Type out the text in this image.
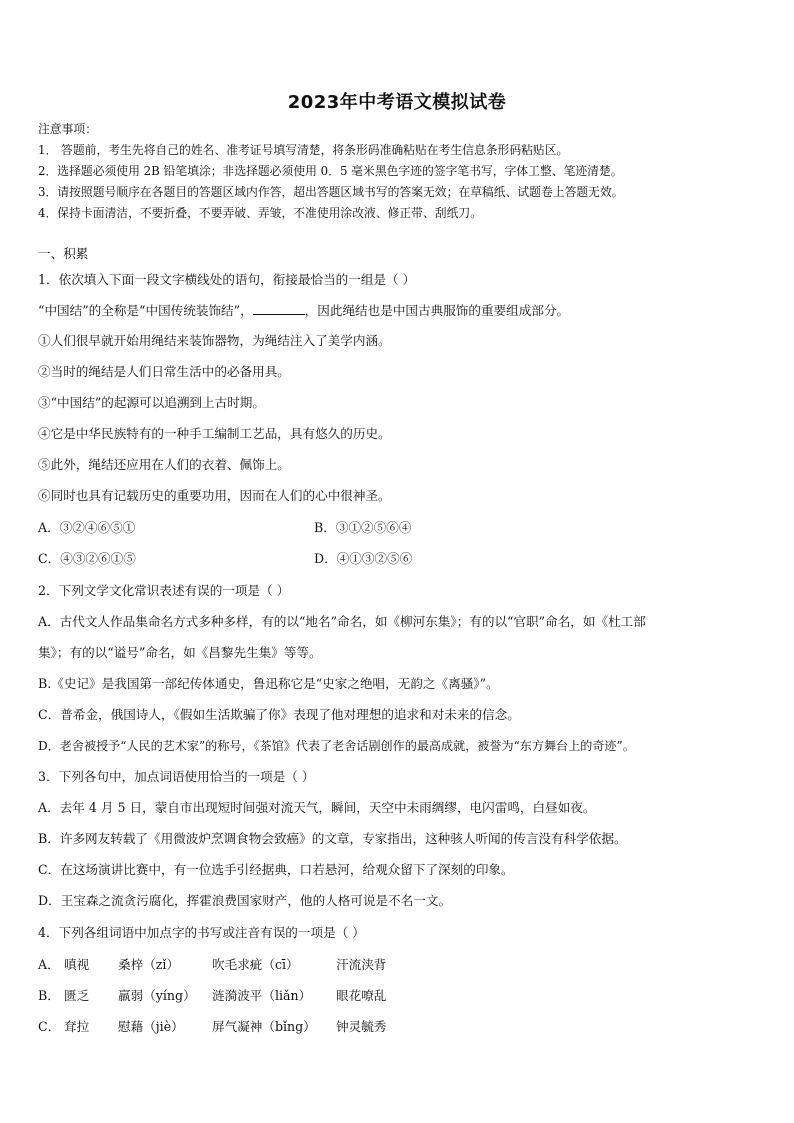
2023年中考语文模拟试卷
注意事项：
1． 答题前，考生先将自己的姓名、准考证号填写清楚，将条形码准确粘贴在考生信息条形码粘贴区。
2．选择题必须使用 2B 铅笔填涂；非选择题必须使用 0．5 毫米黑色字迹的签字笔书写，字体工整、笔迹清楚。
3．请按照题号顺序在各题目的答题区域内作答，超出答题区域书写的答案无效；在草稿纸、试题卷上答题无效。
4．保持卡面清洁，不要折叠，不要弄破、弄皱，不准使用涂改液、修正带、刮纸刀。
一、积累
1．依次填入下面一段文字横线处的语句，衔接最恰当的一组是（ ）
“中国结”的全称是“中国传统装饰结”，	，因此绳结也是中国古典服饰的重要组成部分。
①人们很早就开始用绳结来装饰器物，为绳结注入了美学内涵。
②当时的绳结是人们日常生活中的必备用具。
③“中国结”的起源可以追溯到上古时期。
④它是中华民族特有的一种手工编制工艺品，具有悠久的历史。
⑤此外，绳结还应用在人们的衣着、佩饰上。
⑥同时也具有记载历史的重要功用，因而在人们的心中很神圣。
A．③②④⑥⑤①	B．③①②⑤⑥④
C．④③②⑥①⑤	D．④①③②⑤⑥
2．下列文学文化常识表述有误的一项是（ ）
A．古代文人作品集命名方式多种多样，有的以“地名”命名，如《柳河东集》；有的以“官职”命名，如《杜工部
集》；有的以“谥号”命名，如《昌黎先生集》等等。
B.《史记》是我国第一部纪传体通史，鲁迅称它是“史家之绝唱，无韵之《离骚》”。
C．普希金，俄国诗人，《假如生活欺骗了你》表现了他对理想的追求和对未来的信念。
D．老舍被授予“人民的艺术家”的称号，《茶馆》代表了老舍话剧创作的最高成就，被誉为“东方舞台上的奇迹”。
3．下列各句中，加点词语使用恰当的一项是（ ）
A．去年 4 月 5 日，蒙自市出现短时间强对流天气，瞬间，天空中未雨绸缪，电闪雷鸣，白昼如夜。
B．许多网友转载了《用微波炉烹调食物会致癌》的文章，专家指出，这种骇人听闻的传言没有科学依据。
C．在这场演讲比赛中，有一位选手引经据典，口若悬河，给观众留下了深刻的印象。
D．王宝森之流贪污腐化，挥霍浪费国家财产，他的人格可说是不名一文。
4．下列各组词语中加点字的书写或注音有误的一项是（ ）
A． 嗔视 桑梓（zǐ）	吹毛求疵（cī）	汗流浃背
B． 匮乏 羸弱（yíng） 涟漪波平（liǎn） 眼花嘹乱
C． 耷拉 慰藉（jiè） 屏气凝神（bǐng） 钟灵毓秀
